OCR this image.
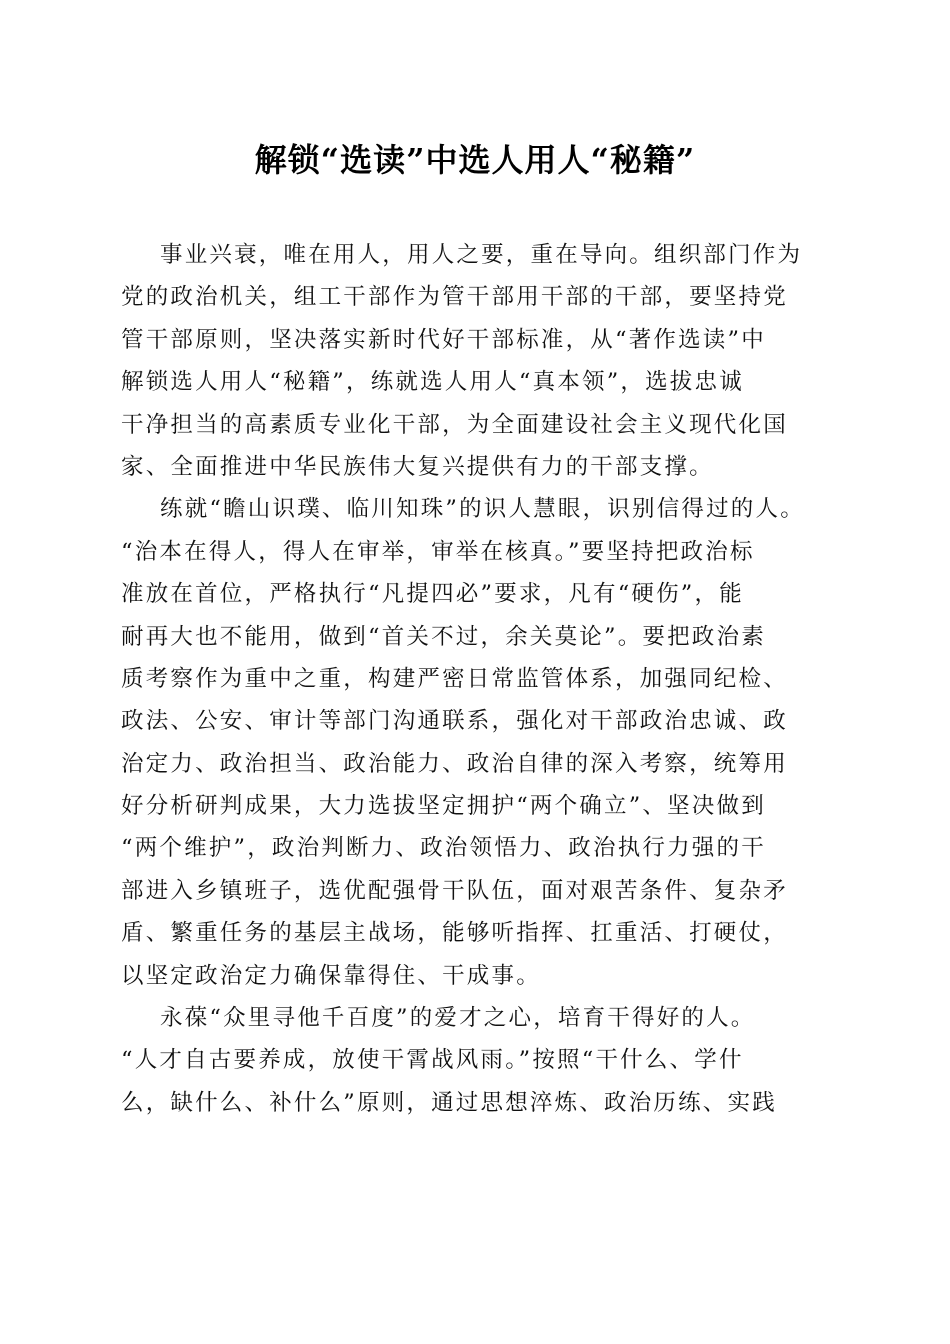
解锁“选读”中选人用人“秘籍”
事业兴衰，唯在用人，用人之要，重在导向。组织部门作为
党的政治机关，组工干部作为管干部用干部的干部，要坚持党
管干部原则，坚决落实新时代好干部标准，从“著作选读”中
解锁选人用人“秘籍”，练就选人用人“真本领”，选拔忠诚
干净担当的高素质专业化干部，为全面建设社会主义现代化国
家、全面推进中华民族伟大复兴提供有力的干部支撑。
练就“瞻山识璞、临川知珠”的识人慧眼，识别信得过的人。
“治本在得人，得人在审举，审举在核真。”要坚持把政治标
准放在首位，严格执行“凡提四必”要求，凡有“硬伤”，能
耐再大也不能用，做到“首关不过，余关莫论”。要把政治素
质考察作为重中之重，构建严密日常监管体系，加强同纪检、
政法、公安、审计等部门沟通联系，强化对干部政治忠诚、政
治定力、政治担当、政治能力、政治自律的深入考察，统筹用
好分析研判成果，大力选拔坚定拥护“两个确立”、坚决做到
“两个维护”，政治判断力、政治领悟力、政治执行力强的干
部进入乡镇班子，选优配强骨干队伍，面对艰苦条件、复杂矛
盾、繁重任务的基层主战场，能够听指挥、扛重活、打硬仗，
以坚定政治定力确保靠得住、干成事。
永葆“众里寻他千百度”的爱才之心，培育干得好的人。
“人才自古要养成，放使干霄战风雨。”按照“干什么、学什
么，缺什么、补什么”原则，通过思想淬炼、政治历练、实践
